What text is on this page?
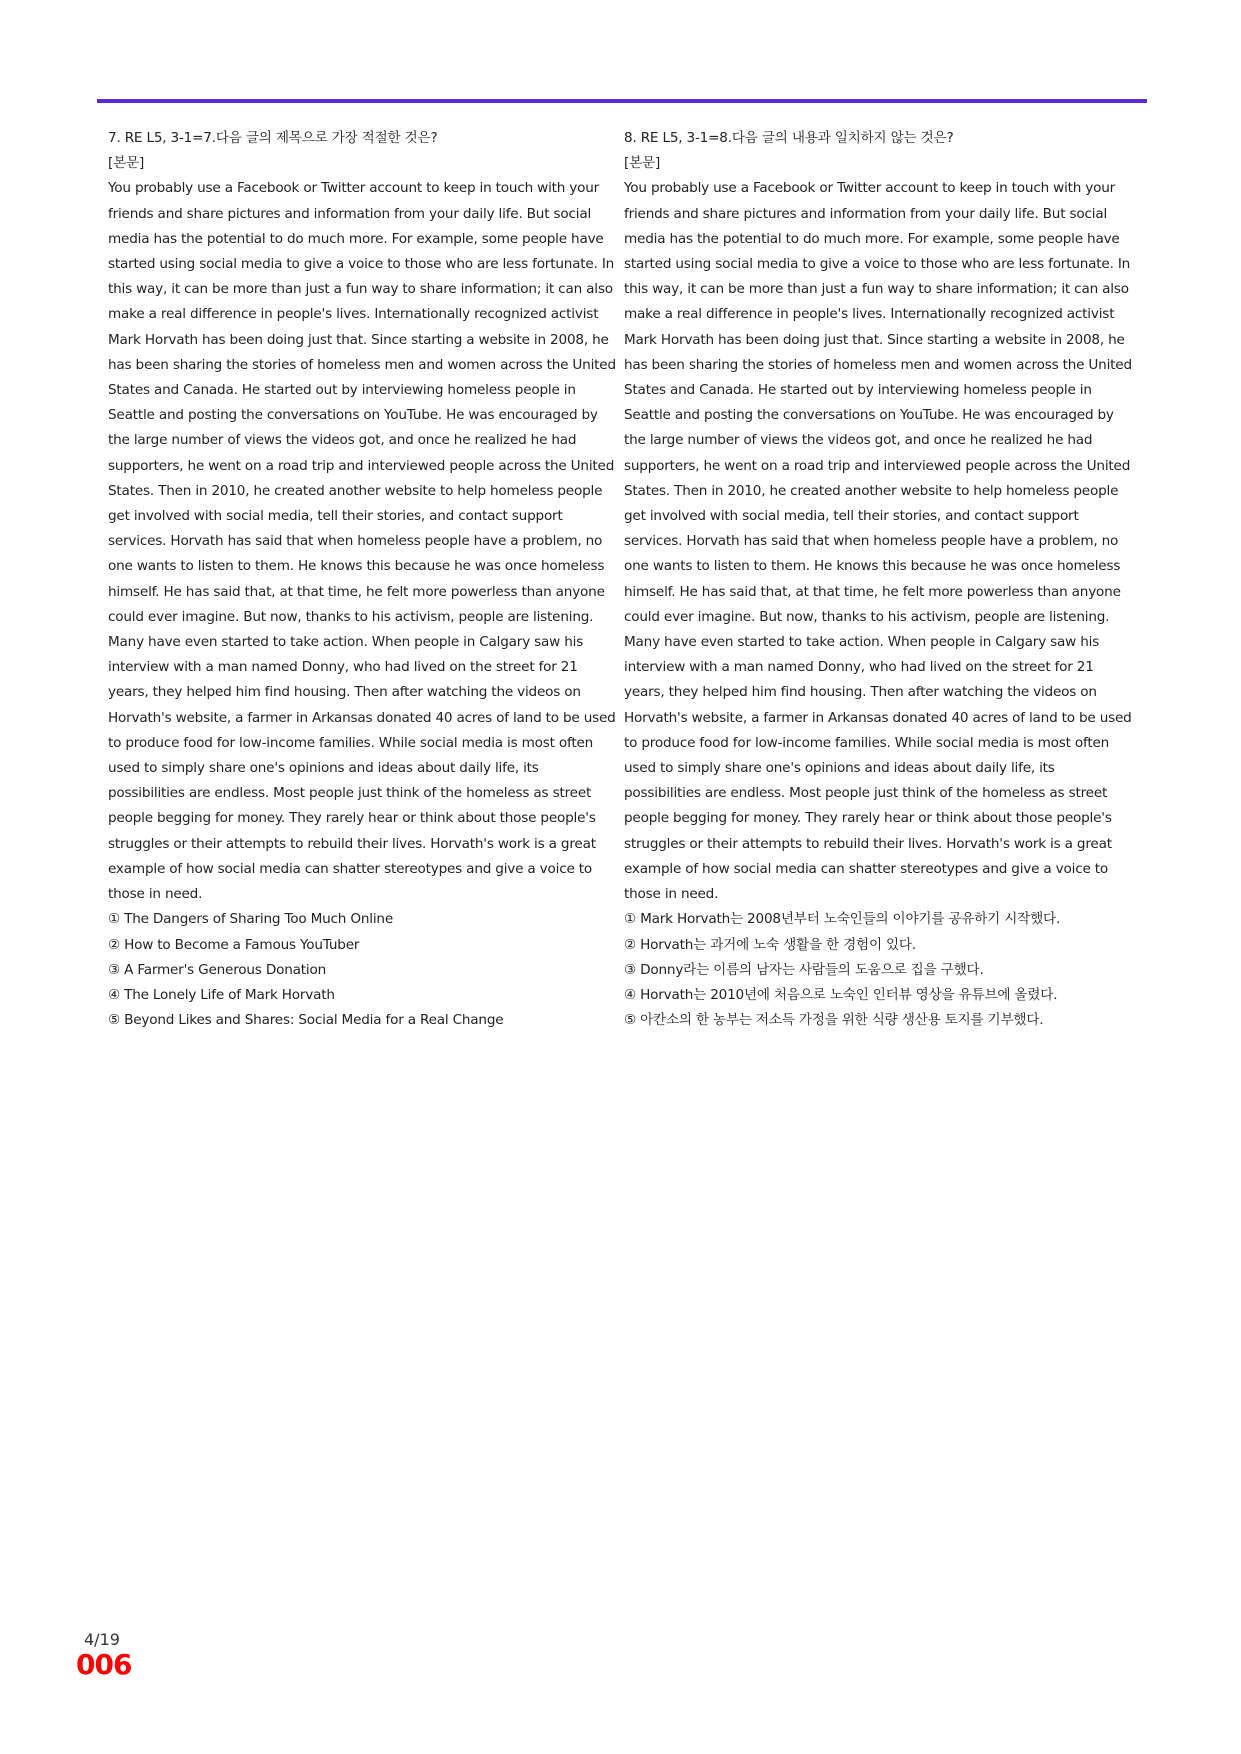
7. RE L5, 3-1=7.다음 글의 제목으로 가장 적절한 것은?

[본문]

You probably use a Facebook or Twitter account to keep in touch with your friends and share pictures and information from your daily life. But social media has the potential to do much more. For example, some people have started using social media to give a voice to those who are less fortunate. In this way, it can be more than just a fun way to share information; it can also make a real difference in people's lives. Internationally recognized activist Mark Horvath has been doing just that. Since starting a website in 2008, he has been sharing the stories of homeless men and women across the United States and Canada. He started out by interviewing homeless people in Seattle and posting the conversations on YouTube. He was encouraged by the large number of views the videos got, and once he realized he had supporters, he went on a road trip and interviewed people across the United States. Then in 2010, he created another website to help homeless people get involved with social media, tell their stories, and contact support services. Horvath has said that when homeless people have a problem, no one wants to listen to them. He knows this because he was once homeless himself. He has said that, at that time, he felt more powerless than anyone could ever imagine. But now, thanks to his activism, people are listening. Many have even started to take action. When people in Calgary saw his interview with a man named Donny, who had lived on the street for 21 years, they helped him find housing. Then after watching the videos on Horvath's website, a farmer in Arkansas donated 40 acres of land to be used to produce food for low-income families. While social media is most often used to simply share one's opinions and ideas about daily life, its possibilities are endless. Most people just think of the homeless as street people begging for money. They rarely hear or think about those people's struggles or their attempts to rebuild their lives. Horvath's work is a great example of how social media can shatter stereotypes and give a voice to those in need.

① The Dangers of Sharing Too Much Online
② How to Become a Famous YouTuber
③ A Farmer's Generous Donation
④ The Lonely Life of Mark Horvath
⑤ Beyond Likes and Shares: Social Media for a Real Change

8. RE L5, 3-1=8.다음 글의 내용과 일치하지 않는 것은?

[본문]

You probably use a Facebook or Twitter account to keep in touch with your friends and share pictures and information from your daily life. But social media has the potential to do much more. For example, some people have started using social media to give a voice to those who are less fortunate. In this way, it can be more than just a fun way to share information; it can also make a real difference in people's lives. Internationally recognized activist Mark Horvath has been doing just that. Since starting a website in 2008, he has been sharing the stories of homeless men and women across the United States and Canada. He started out by interviewing homeless people in Seattle and posting the conversations on YouTube. He was encouraged by the large number of views the videos got, and once he realized he had supporters, he went on a road trip and interviewed people across the United States. Then in 2010, he created another website to help homeless people get involved with social media, tell their stories, and contact support services. Horvath has said that when homeless people have a problem, no one wants to listen to them. He knows this because he was once homeless himself. He has said that, at that time, he felt more powerless than anyone could ever imagine. But now, thanks to his activism, people are listening. Many have even started to take action. When people in Calgary saw his interview with a man named Donny, who had lived on the street for 21 years, they helped him find housing. Then after watching the videos on Horvath's website, a farmer in Arkansas donated 40 acres of land to be used to produce food for low-income families. While social media is most often used to simply share one's opinions and ideas about daily life, its possibilities are endless. Most people just think of the homeless as street people begging for money. They rarely hear or think about those people's struggles or their attempts to rebuild their lives. Horvath's work is a great example of how social media can shatter stereotypes and give a voice to those in need.

① Mark Horvath는 2008년부터 노숙인들의 이야기를 공유하기 시작했다.
② Horvath는 과거에 노숙 생활을 한 경험이 있다.
③ Donny라는 이름의 남자는 사람들의 도움으로 집을 구했다.
④ Horvath는 2010년에 처음으로 노숙인 인터뷰 영상을 유튜브에 올렸다.
⑤ 아칸소의 한 농부는 저소득 가정을 위한 식량 생산용 토지를 기부했다.
4/19
006
